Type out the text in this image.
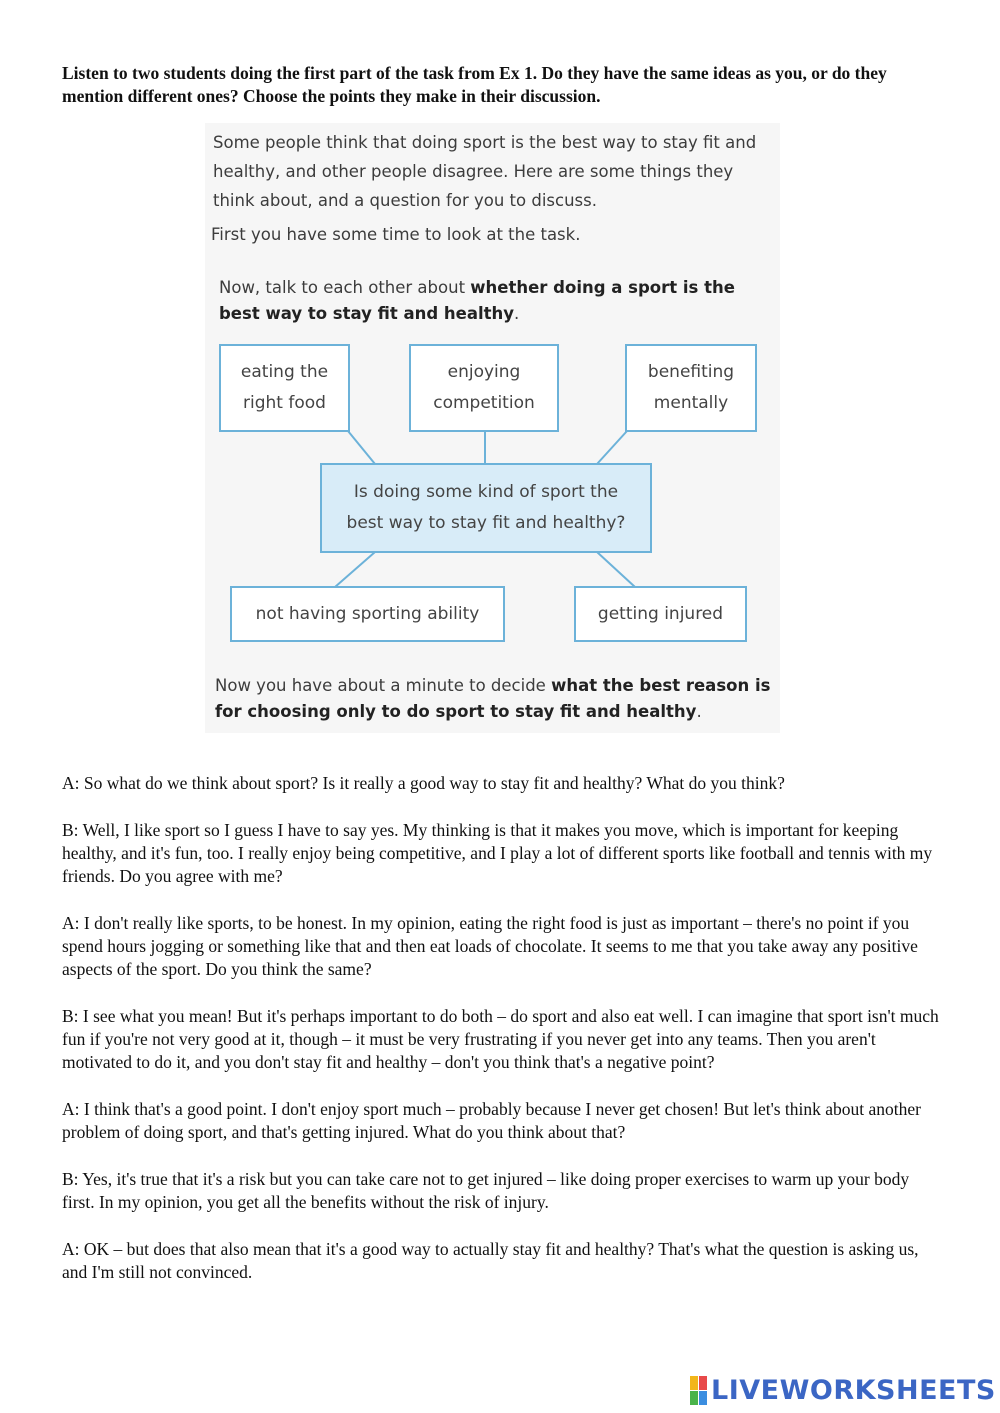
Listen to two students doing the first part of the task from Ex 1. Do they have the same ideas as you, or do they mention different ones? Choose the points they make in their discussion.
Some people think that doing sport is the best way to stay fit and healthy, and other people disagree. Here are some things they think about, and a question for you to discuss.
First you have some time to look at the task.
Now, talk to each other about whether doing a sport is the best way to stay fit and healthy.
eating the right food
enjoying competition
benefiting mentally
Is doing some kind of sport the best way to stay fit and healthy?
not having sporting ability	getting injured
Now you have about a minute to decide what the best reason is for choosing only to do sport to stay fit and healthy.

A: So what do we think about sport? Is it really a good way to stay fit and healthy? What do you think?

B: Well, I like sport so I guess I have to say yes. My thinking is that it makes you move, which is important for keeping healthy, and it's fun, too. I really enjoy being competitive, and I play a lot of different sports like football and tennis with my friends. Do you agree with me?

A: I don't really like sports, to be honest. In my opinion, eating the right food is just as important – there's no point if you spend hours jogging or something like that and then eat loads of chocolate. It seems to me that you take away any positive aspects of the sport. Do you think the same?

B: I see what you mean! But it's perhaps important to do both – do sport and also eat well. I can imagine that sport isn't much fun if you're not very good at it, though – it must be very frustrating if you never get into any teams. Then you aren't motivated to do it, and you don't stay fit and healthy – don't you think that's a negative point?

A: I think that's a good point. I don't enjoy sport much – probably because I never get chosen! But let's think about another problem of doing sport, and that's getting injured. What do you think about that?

B: Yes, it's true that it's a risk but you can take care not to get injured – like doing proper exercises to warm up your body first. In my opinion, you get all the benefits without the risk of injury.

A: OK – but does that also mean that it's a good way to actually stay fit and healthy? That's what the question is asking us, and I'm still not convinced.

LIVEWORKSHEETS
